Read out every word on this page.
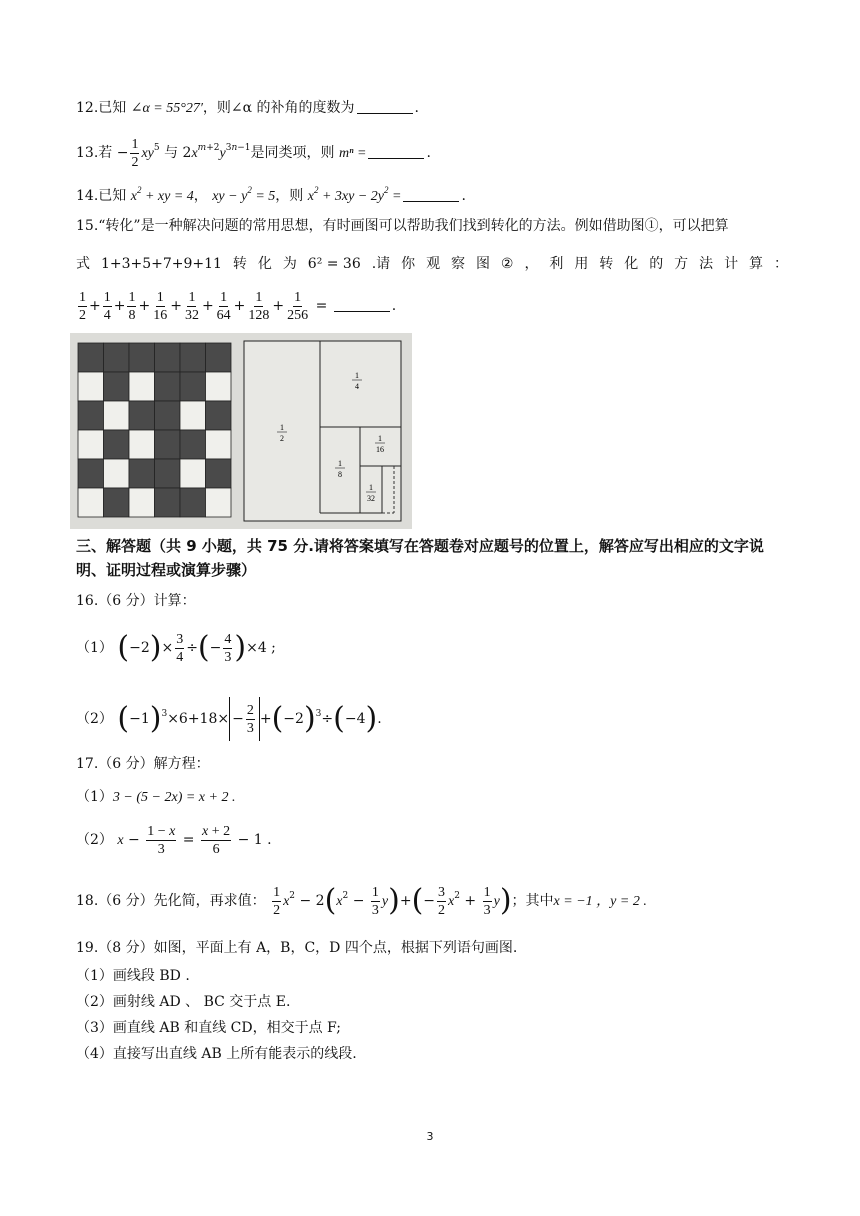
12.已知 ∠α = 55°27′，则∠α 的补角的度数为	.
13.若 − $\frac{1}{2} xy^5$ 与 $2x^{m+2}y^{3n-1}$是同类项，则 mⁿ =	.
14.已知 $x^2$ + xy = 4， xy − $y^2 = 5$，则 $x^2 + 3xy - 2y^2$ =	.
15.“转化”是一种解决问题的常用思想，有时画图可以帮助我们找到转化的方法。例如借助图①，可以把算
式 1+3+5+7+9+11 转 化 为 6² = 36 .请 你 观 察 图 ② ， 利 用 转 化 的 方 法 计 算 ：
$\frac{1}{2} + \frac{1}{4} + \frac{1}{8} + \frac{1}{16} + \frac{1}{32} + \frac{1}{64} + \frac{1}{128} + \frac{1}{256}$ =	.
1
2
1
4
1
8
1
16
1
32
三、解答题（共 9 小题，共 75 分.请将答案填写在答题卷对应题号的位置上，解答应写出相应的文字说明、证明过程或演算步骤）
16.（6 分）计算：
（1） $(-2)\times \frac{3}{4}$ ÷(− $\frac{4}{3} )\times 4$ ;
（2） $(-1)^3\times 6+18\times - \frac{2}{3} +(-2)^3\div(-4)$.
17.（6 分）解方程：
（1）3 − (5 − 2x) = x + 2 .
（2） $x - \frac{1 - x}{3} = \frac{x + 2}{6} - 1$ .
18.（6 分）先化简，再求值： $\frac{1}{2} x^2 - 2(x^2 - \frac{1}{3} y)+(- \frac{3}{2} x^2 + \frac{1}{3} y)$；其中x = −1 ，y = 2 .
19.（8 分）如图，平面上有 A，B，C，D 四个点，根据下列语句画图.
（1）画线段 BD .
（2）画射线 AD 、 BC 交于点 E.
（3）画直线 AB 和直线 CD，相交于点 F;
（4）直接写出直线 AB 上所有能表示的线段.
3
